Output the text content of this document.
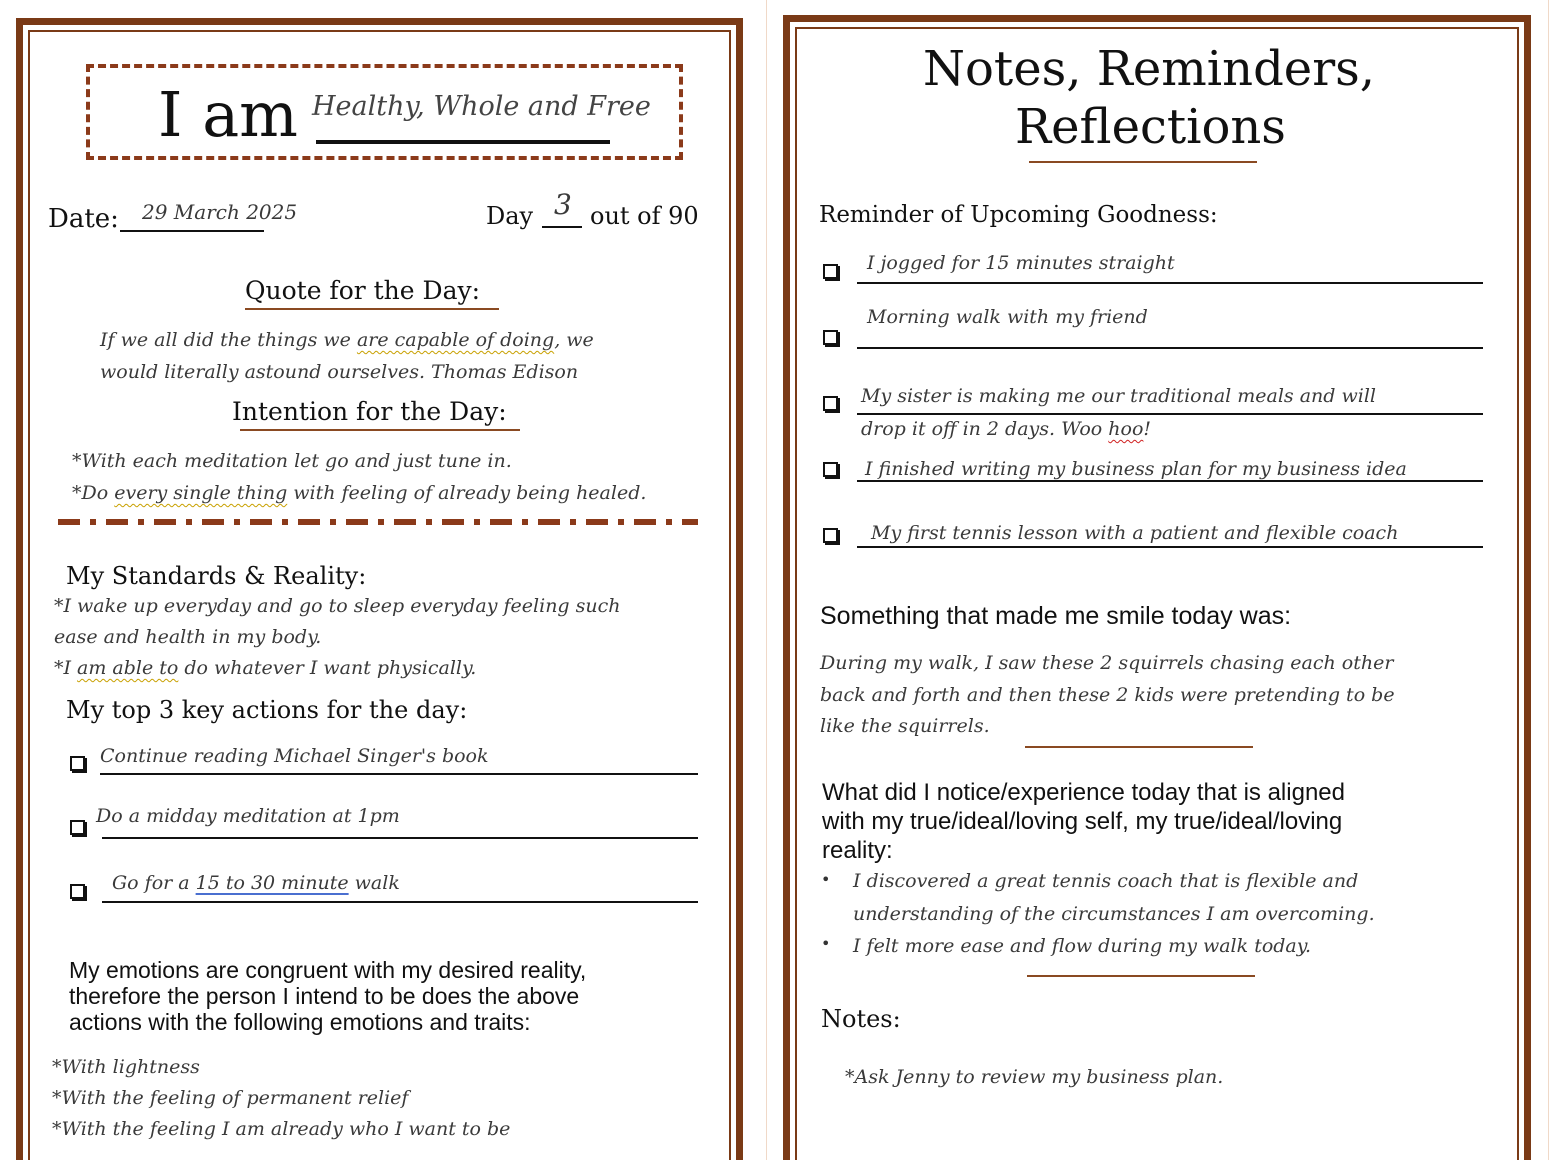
I am Healthy, Whole and Free
Date: 29 March 2025	Day 3 out of 90
Quote for the Day:
If we all did the things we are capable of doing, we
would literally astound ourselves. Thomas Edison
Intention for the Day:
*With each meditation let go and just tune in.
*Do every single thing with feeling of already being healed.
My Standards & Reality:
*I wake up everyday and go to sleep everyday feeling such
ease and health in my body.
*I am able to do whatever I want physically.
My top 3 key actions for the day:
Continue reading Michael Singer's book
Do a midday meditation at 1pm
Go for a 15 to 30 minute walk
My emotions are congruent with my desired reality,
therefore the person I intend to be does the above
actions with the following emotions and traits:
*With lightness
*With the feeling of permanent relief
*With the feeling I am already who I want to be
Notes, Reminders,
Reflections
Reminder of Upcoming Goodness:
I jogged for 15 minutes straight
Morning walk with my friend
My sister is making me our traditional meals and will
drop it off in 2 days. Woo hoo!
I finished writing my business plan for my business idea
My first tennis lesson with a patient and flexible coach
Something that made me smile today was:
During my walk, I saw these 2 squirrels chasing each other
back and forth and then these 2 kids were pretending to be
like the squirrels.
What did I notice/experience today that is aligned
with my true/ideal/loving self, my true/ideal/loving
reality:
• I discovered a great tennis coach that is flexible and
understanding of the circumstances I am overcoming.
• I felt more ease and flow during my walk today.
Notes:
*Ask Jenny to review my business plan.
